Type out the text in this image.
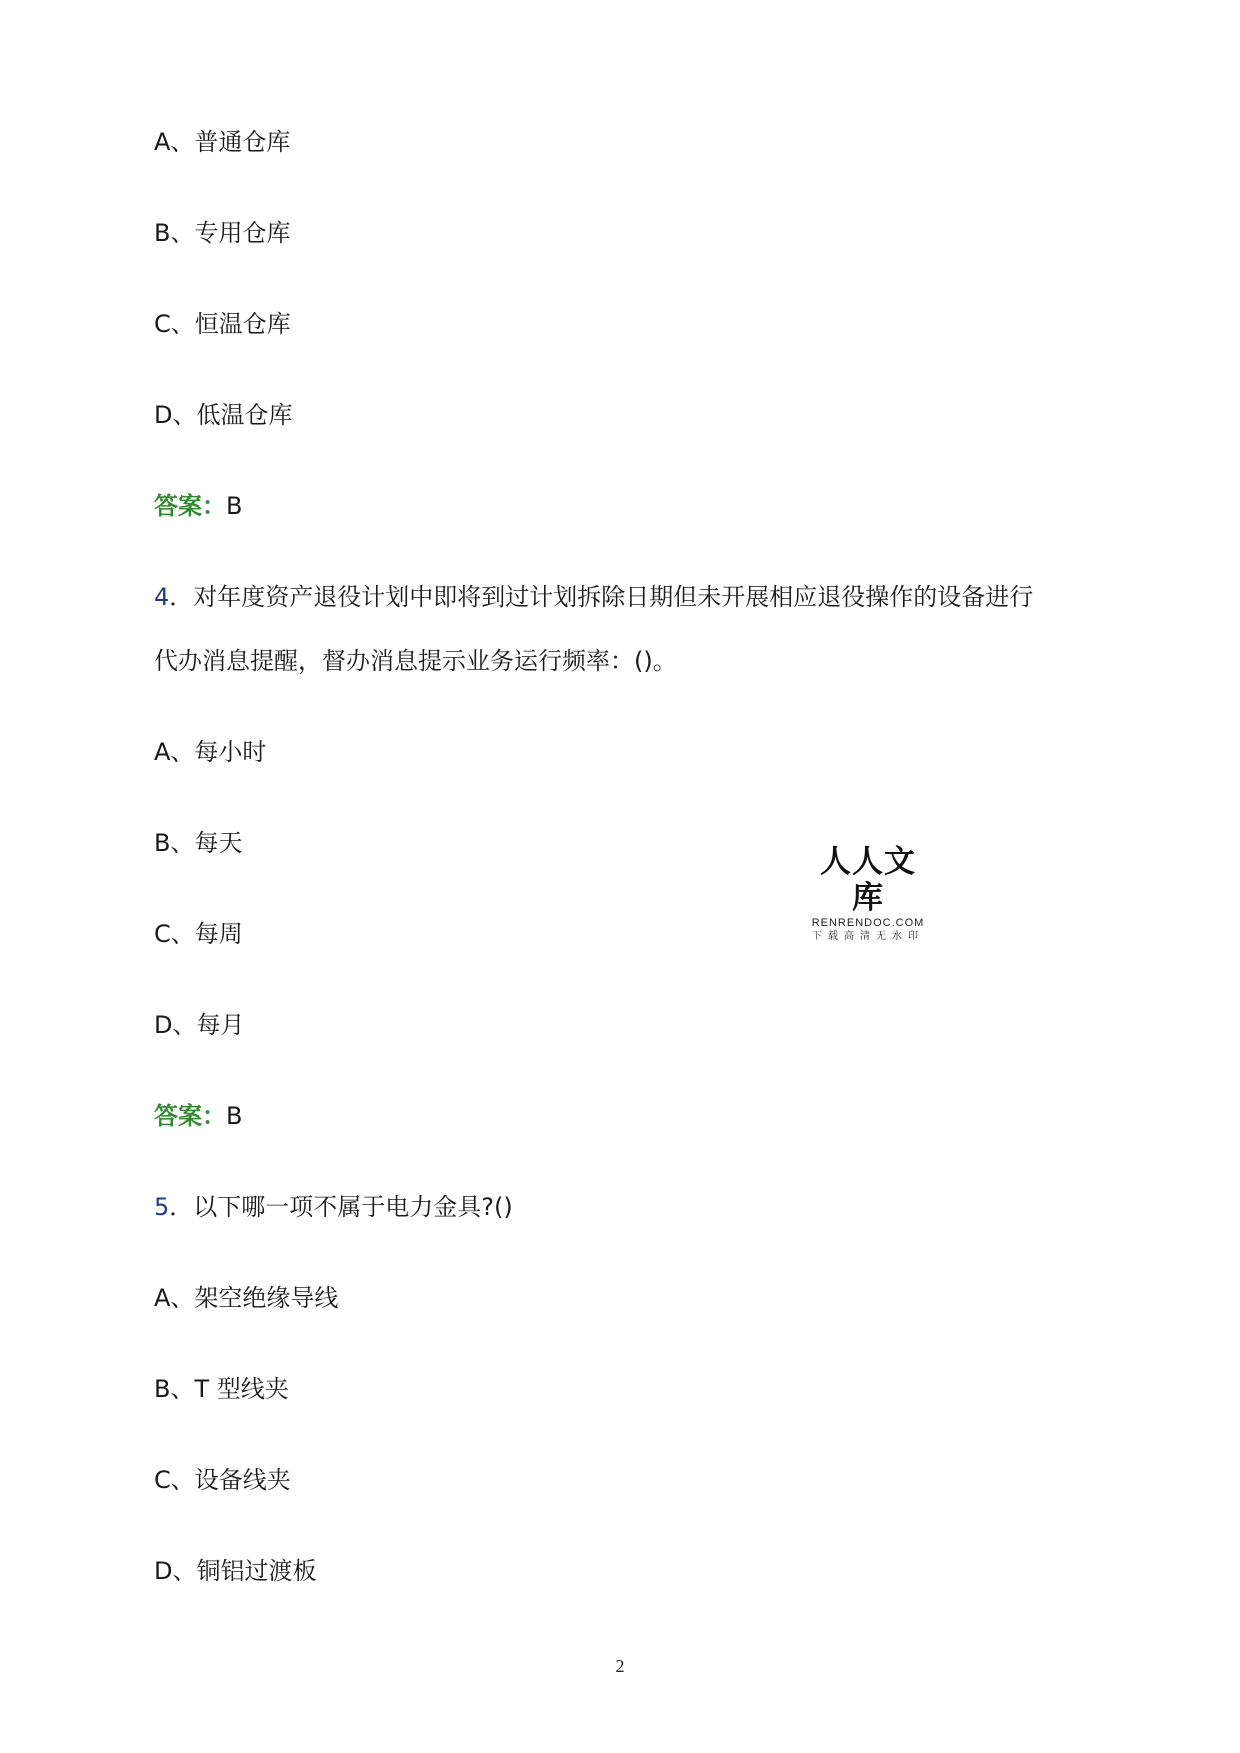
A、普通仓库
B、专用仓库
C、恒温仓库
D、低温仓库
答案：B
4．对年度资产退役计划中即将到过计划拆除日期但未开展相应退役操作的设备进行
代办消息提醒，督办消息提示业务运行频率：()。
A、每小时
B、每天
C、每周
D、每月
答案：B
5．以下哪一项不属于电力金具?()
A、架空绝缘导线
B、T 型线夹
C、设备线夹
D、铜铝过渡板
人人文库
RENRENDOC.COM
下载高清无水印
2
